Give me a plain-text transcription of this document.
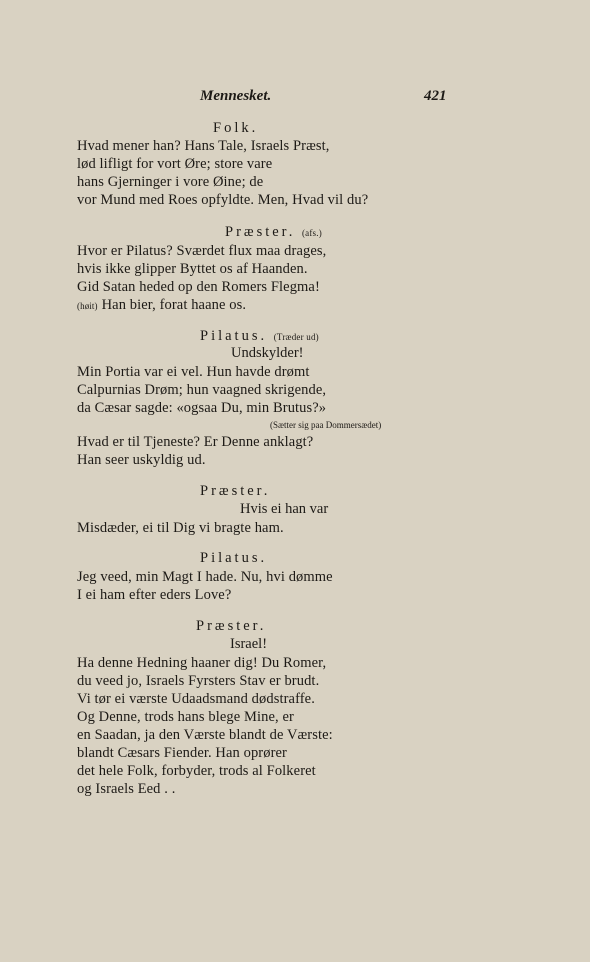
Mennesket.	421
Folk.
Hvad mener han? Hans Tale, Israels Præst,
lød lifligt for vort Øre; store vare
hans Gjerninger i vore Øine; de
vor Mund med Roes opfyldte. Men, Hvad vil du?
Præster. (afs.)
Hvor er Pilatus? Sværdet flux maa drages,
hvis ikke glipper Byttet os af Haanden.
Gid Satan heded op den Romers Flegma!
(høit) Han bier, forat haane os.
Pilatus. (Træder ud)
Undskylder!
Min Portia var ei vel. Hun havde drømt
Calpurnias Drøm; hun vaagned skrigende,
da Cæsar sagde: «ogsaa Du, min Brutus?»
(Sætter sig paa Dommersædet)
Hvad er til Tjeneste? Er Denne anklagt?
Han seer uskyldig ud.
Præster.
Hvis ei han var
Misdæder, ei til Dig vi bragte ham.
Pilatus.
Jeg veed, min Magt I hade. Nu, hvi dømme
I ei ham efter eders Love?
Præster.
Israel!
Ha denne Hedning haaner dig! Du Romer,
du veed jo, Israels Fyrsters Stav er brudt.
Vi tør ei værste Udaadsmand dødstraffe.
Og Denne, trods hans blege Mine, er
en Saadan, ja den Værste blandt de Værste:
blandt Cæsars Fiender. Han oprører
det hele Folk, forbyder, trods al Folkeret
og Israels Eed . .
